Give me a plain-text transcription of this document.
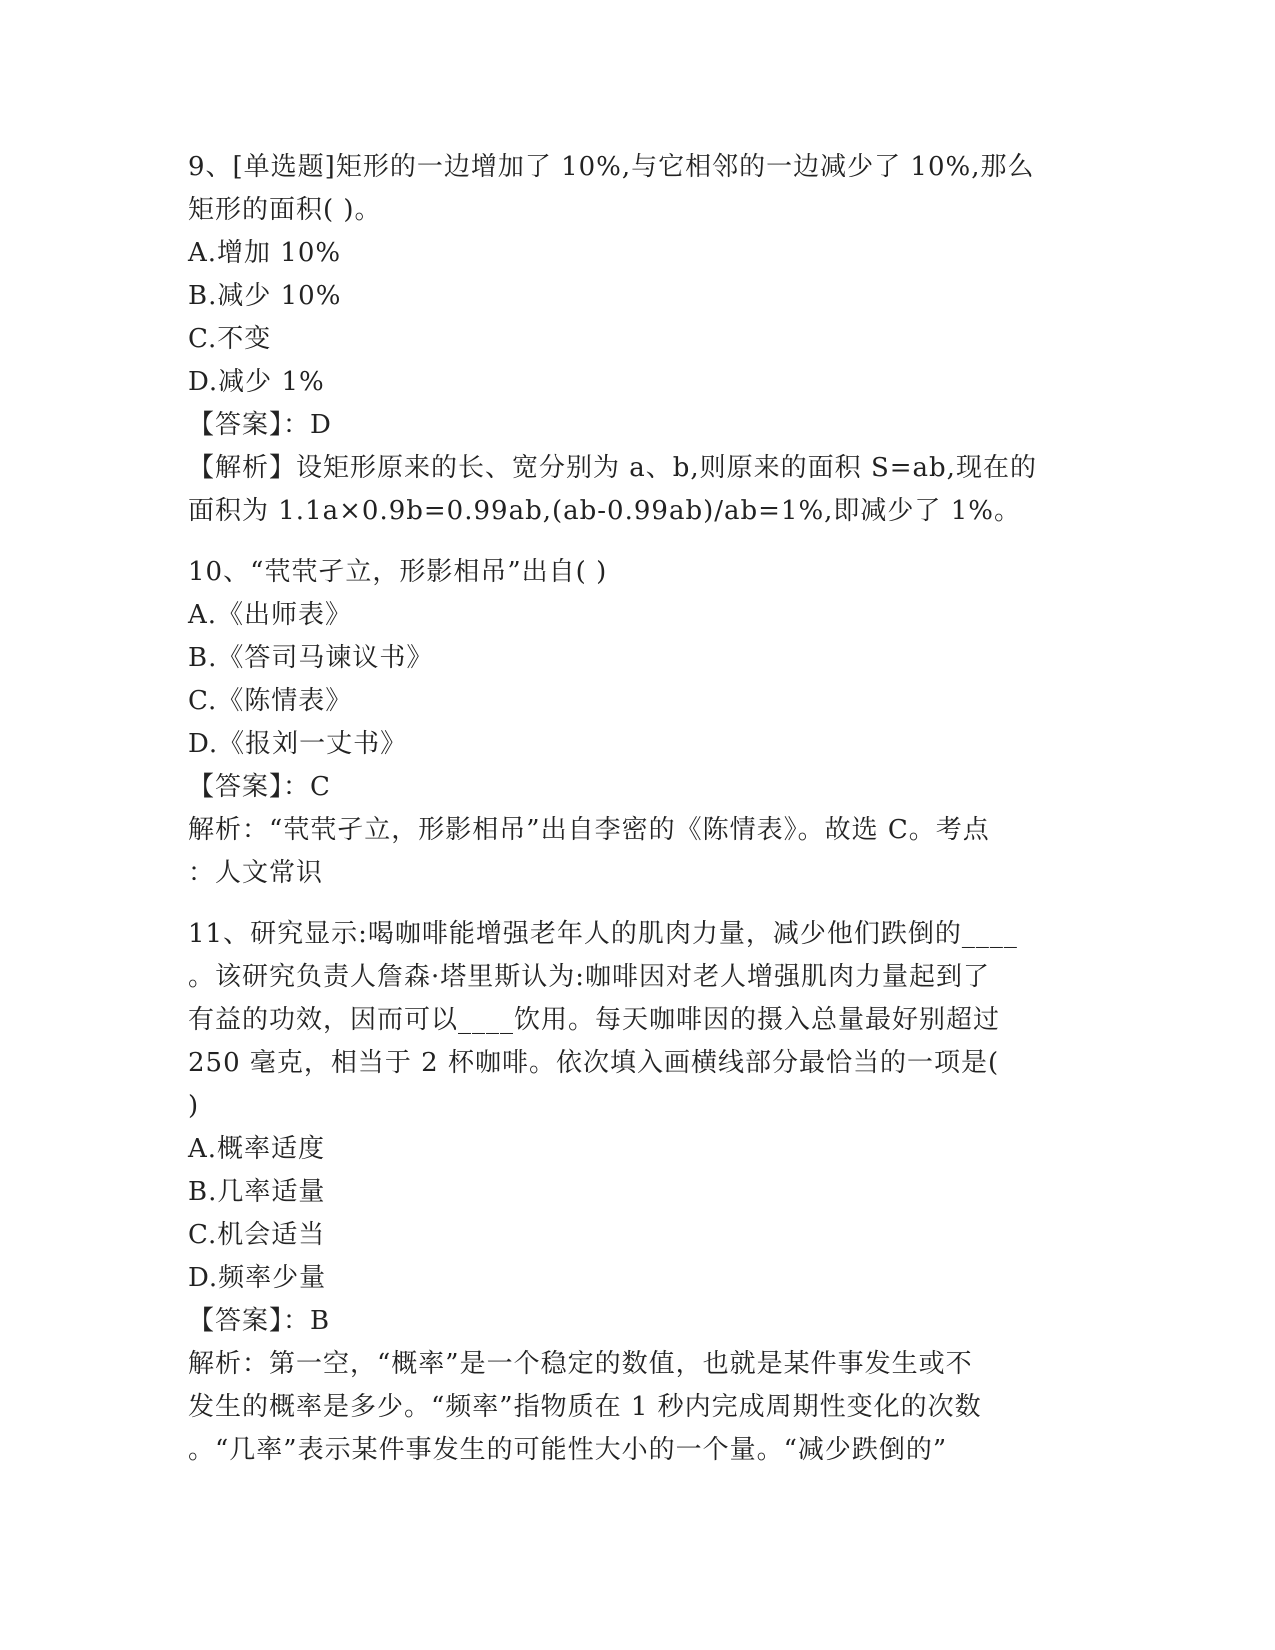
9、[单选题]矩形的一边增加了 10%,与它相邻的一边减少了 10%,那么
矩形的面积( )。
A.增加 10%
B.减少 10%
C.不变
D.减少 1%
【答案】：D
【解析】设矩形原来的长、宽分别为 a、b,则原来的面积 S=ab,现在的
面积为 1.1a×0.9b=0.99ab,(ab-0.99ab)/ab=1%,即减少了 1%。
10、“茕茕孑立，形影相吊”出自( )
A.《出师表》
B.《答司马谏议书》
C.《陈情表》
D.《报刘一丈书》
【答案】：C
解析：“茕茕孑立，形影相吊”出自李密的《陈情表》。故选 C。考点
：人文常识
11、研究显示:喝咖啡能增强老年人的肌肉力量，减少他们跌倒的____
。该研究负责人詹森·塔里斯认为:咖啡因对老人增强肌肉力量起到了
有益的功效，因而可以____饮用。每天咖啡因的摄入总量最好别超过
250 毫克，相当于 2 杯咖啡。依次填入画横线部分最恰当的一项是(
)
A.概率适度
B.几率适量
C.机会适当
D.频率少量
【答案】：B
解析：第一空，“概率”是一个稳定的数值，也就是某件事发生或不
发生的概率是多少。“频率”指物质在 1 秒内完成周期性变化的次数
。“几率”表示某件事发生的可能性大小的一个量。“减少跌倒的”
